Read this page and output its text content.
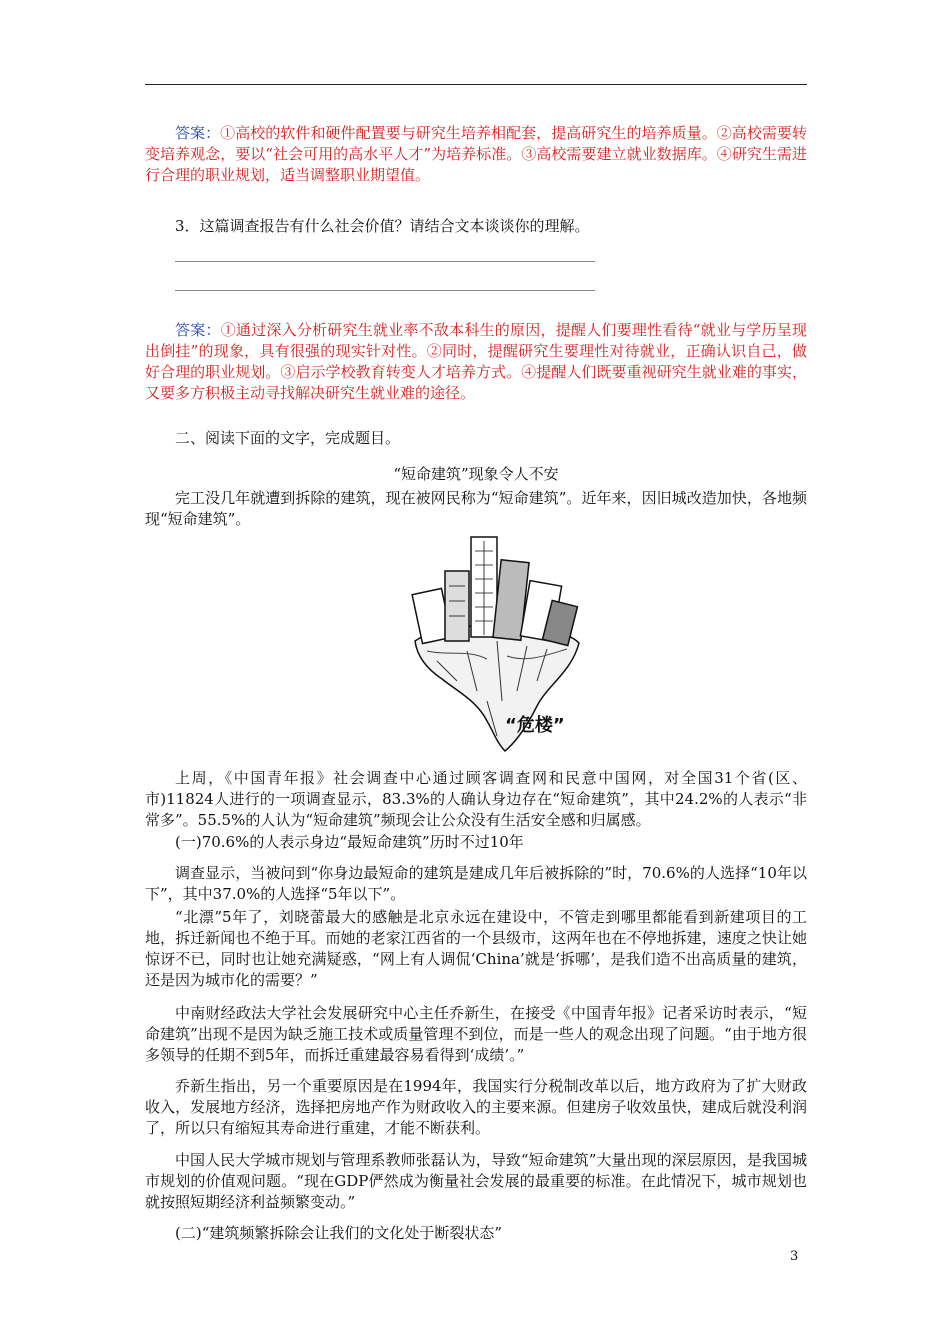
答案：①高校的软件和硬件配置要与研究生培养相配套，提高研究生的培养质量。②高校需要转变培养观念，要以“社会可用的高水平人才”为培养标准。③高校需要建立就业数据库。④研究生需进行合理的职业规划，适当调整职业期望值。

3．这篇调查报告有什么社会价值？请结合文本谈谈你的理解。

答案：①通过深入分析研究生就业率不敌本科生的原因，提醒人们要理性看待“就业与学历呈现出倒挂”的现象，具有很强的现实针对性。②同时，提醒研究生要理性对待就业，正确认识自己，做好合理的职业规划。③启示学校教育转变人才培养方式。④提醒人们既要重视研究生就业难的事实，又要多方积极主动寻找解决研究生就业难的途径。

二、阅读下面的文字，完成题目。

“短命建筑”现象令人不安

完工没几年就遭到拆除的建筑，现在被网民称为“短命建筑”。近年来，因旧城改造加快，各地频现“短命建筑”。

“危楼”

上周，《中国青年报》社会调查中心通过顾客调查网和民意中国网，对全国31个省(区、市)11824人进行的一项调查显示，83.3%的人确认身边存在“短命建筑”，其中24.2%的人表示“非常多”。55.5%的人认为“短命建筑”频现会让公众没有生活安全感和归属感。

(一)70.6%的人表示身边“最短命建筑”历时不过10年

调查显示，当被问到“你身边最短命的建筑是建成几年后被拆除的”时，70.6%的人选择“10年以下”，其中37.0%的人选择“5年以下”。

“北漂”5年了，刘晓蕾最大的感触是北京永远在建设中，不管走到哪里都能看到新建项目的工地，拆迁新闻也不绝于耳。而她的老家江西省的一个县级市，这两年也在不停地拆建，速度之快让她惊讶不已，同时也让她充满疑惑，“网上有人调侃‘China’就是‘拆哪’，是我们造不出高质量的建筑，还是因为城市化的需要？”

中南财经政法大学社会发展研究中心主任乔新生，在接受《中国青年报》记者采访时表示，“短命建筑”出现不是因为缺乏施工技术或质量管理不到位，而是一些人的观念出现了问题。“由于地方很多领导的任期不到5年，而拆迁重建最容易看得到‘成绩’。”

乔新生指出，另一个重要原因是在1994年，我国实行分税制改革以后，地方政府为了扩大财政收入，发展地方经济，选择把房地产作为财政收入的主要来源。但建房子收效虽快，建成后就没利润了，所以只有缩短其寿命进行重建，才能不断获利。

中国人民大学城市规划与管理系教师张磊认为，导致“短命建筑”大量出现的深层原因，是我国城市规划的价值观问题。“现在GDP俨然成为衡量社会发展的最重要的标准。在此情况下，城市规划也就按照短期经济利益频繁变动。”

(二)“建筑频繁拆除会让我们的文化处于断裂状态”

3
